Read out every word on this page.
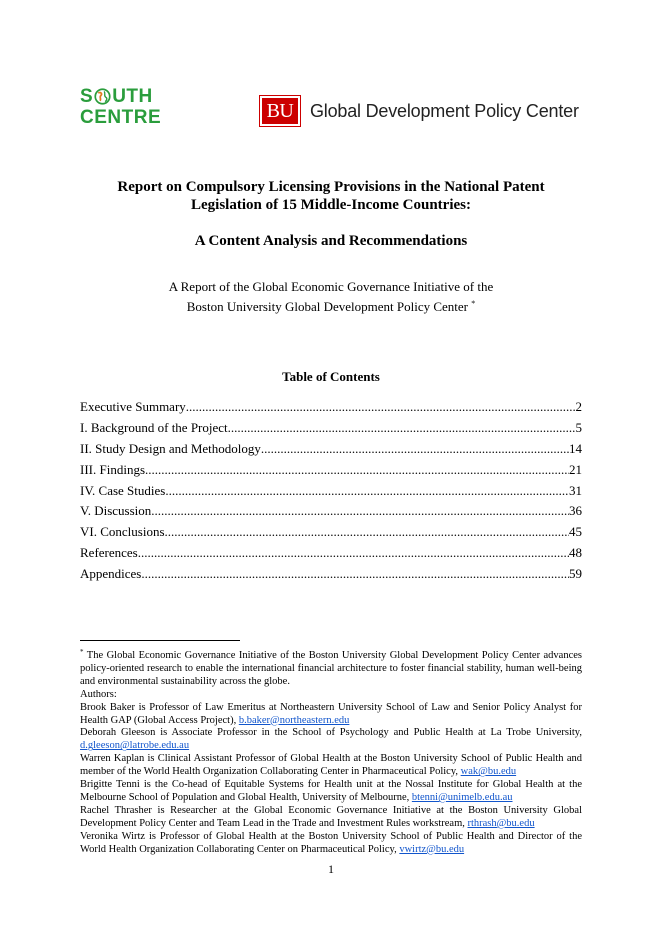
S UTH
CENTRE	BU Global Development Policy Center
Report on Compulsory Licensing Provisions in the National Patent
Legislation of 15 Middle-Income Countries:
A Content Analysis and Recommendations
A Report of the Global Economic Governance Initiative of the
Boston University Global Development Policy Center *
Table of Contents
Executive Summary .....	2
I. Background of the Project .....	5
II. Study Design and Methodology .....	14
III. Findings .....	21
IV. Case Studies .....	31
V. Discussion .....	36
VI. Conclusions .....	45
References .....	48
Appendices .....	59

* The Global Economic Governance Initiative of the Boston University Global Development Policy Center advances policy-oriented research to enable the international financial architecture to foster financial stability, human well-being and environmental sustainability across the globe.

Authors:

Brook Baker is Professor of Law Emeritus at Northeastern University School of Law and Senior Policy Analyst for Health GAP (Global Access Project), b.baker@northeastern.edu

Deborah Gleeson is Associate Professor in the School of Psychology and Public Health at La Trobe University, d.gleeson@latrobe.edu.au

Warren Kaplan is Clinical Assistant Professor of Global Health at the Boston University School of Public Health and member of the World Health Organization Collaborating Center in Pharmaceutical Policy, wak@bu.edu

Brigitte Tenni is the Co-head of Equitable Systems for Health unit at the Nossal Institute for Global Health at the Melbourne School of Population and Global Health, University of Melbourne, btenni@unimelb.edu.au

Rachel Thrasher is Researcher at the Global Economic Governance Initiative at the Boston University Global Development Policy Center and Team Lead in the Trade and Investment Rules workstream, rthrash@bu.edu

Veronika Wirtz is Professor of Global Health at the Boston University School of Public Health and Director of the World Health Organization Collaborating Center on Pharmaceutical Policy, vwirtz@bu.edu

1
